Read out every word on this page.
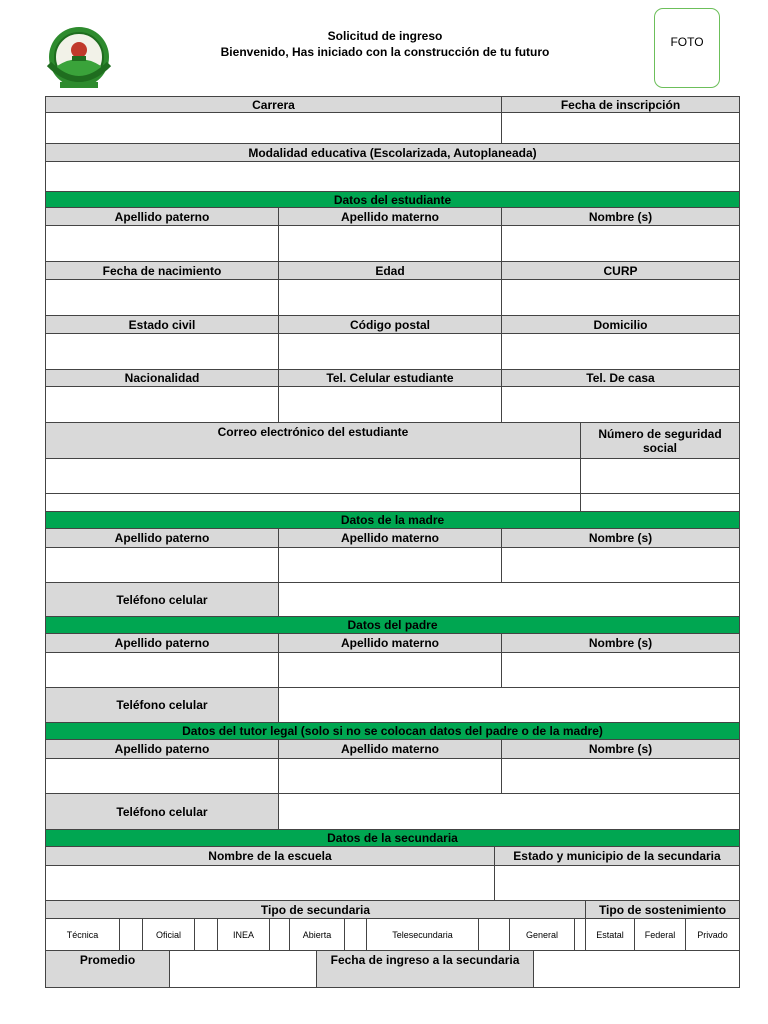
Solicitud de ingreso
Bienvenido, Has iniciado con la construcción de tu futuro
FOTO
Carrera	Fecha de inscripción
Modalidad educativa (Escolarizada, Autoplaneada)
Datos del estudiante
Apellido paterno	Apellido materno	Nombre (s)
Fecha de nacimiento	Edad	CURP
Estado civil	Código postal	Domicilio
Nacionalidad	Tel. Celular estudiante	Tel. De casa
Correo electrónico del estudiante	Número de seguridad social
Datos de la madre
Apellido paterno	Apellido materno	Nombre (s)
Teléfono celular
Datos del padre
Apellido paterno	Apellido materno	Nombre (s)
Teléfono celular
Datos del tutor legal (solo si no se colocan datos del padre o de la madre)
Apellido paterno	Apellido materno	Nombre (s)
Teléfono celular
Datos de la secundaria
Nombre de la escuela	Estado y municipio de la secundaria
Tipo de secundaria	Tipo de sostenimiento
Técnica	Oficial	INEA	Abierta	Telesecundaria	General	Estatal	Federal	Privado
Promedio	Fecha de ingreso a la secundaria
